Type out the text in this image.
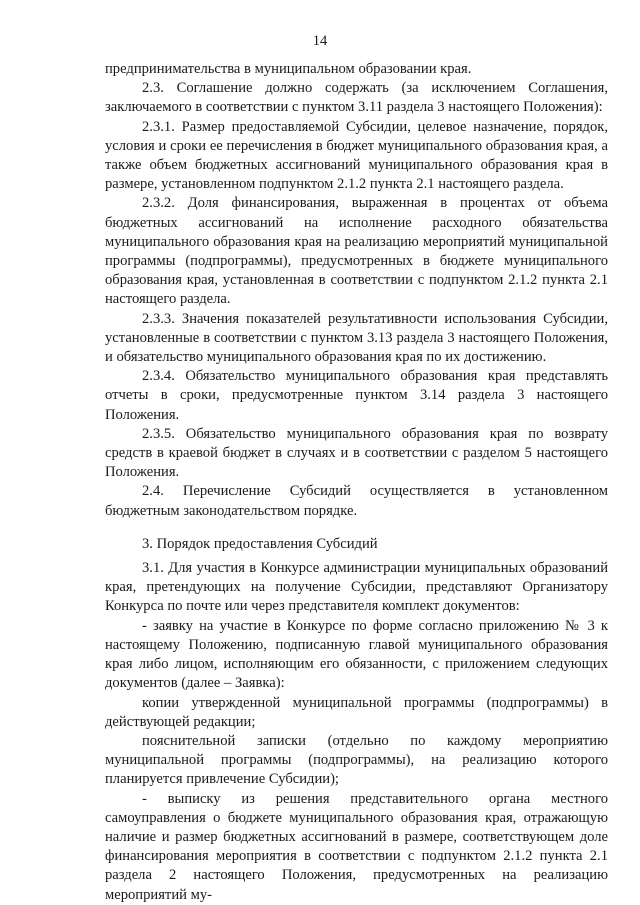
14

предпринимательства в муниципальном образовании края.

2.3. Соглашение должно содержать (за исключением Соглашения, заключаемого в соответствии с пунктом 3.11 раздела 3 настоящего Положения):

2.3.1. Размер предоставляемой Субсидии, целевое назначение, порядок, условия и сроки ее перечисления в бюджет муниципального образования края, а также объем бюджетных ассигнований муниципального образования края в размере, установленном подпунктом 2.1.2 пункта 2.1 настоящего раздела.

2.3.2. Доля финансирования, выраженная в процентах от объема бюджетных ассигнований на исполнение расходного обязательства муниципального образования края на реализацию мероприятий муниципальной программы (подпрограммы), предусмотренных в бюджете муниципального образования края, установленная в соответствии с подпунктом 2.1.2 пункта 2.1 настоящего раздела.

2.3.3. Значения показателей результативности использования Субсидии, установленные в соответствии с пунктом 3.13 раздела 3 настоящего Положения, и обязательство муниципального образования края по их достижению.

2.3.4. Обязательство муниципального образования края представлять отчеты в сроки, предусмотренные пунктом 3.14 раздела 3 настоящего Положения.

2.3.5. Обязательство муниципального образования края по возврату средств в краевой бюджет в случаях и в соответствии с разделом 5 настоящего Положения.

2.4. Перечисление Субсидий осуществляется в установленном бюджетным законодательством порядке.

3. Порядок предоставления Субсидий

3.1. Для участия в Конкурсе администрации муниципальных образований края, претендующих на получение Субсидии, представляют Организатору Конкурса по почте или через представителя комплект документов:

- заявку на участие в Конкурсе по форме согласно приложению № 3 к настоящему Положению, подписанную главой муниципального образования края либо лицом, исполняющим его обязанности, с приложением следующих документов (далее – Заявка):

копии утвержденной муниципальной программы (подпрограммы) в действующей редакции;

пояснительной записки (отдельно по каждому мероприятию муниципальной программы (подпрограммы), на реализацию которого планируется привлечение Субсидии);

- выписку из решения представительного органа местного самоуправления о бюджете муниципального образования края, отражающую наличие и размер бюджетных ассигнований в размере, соответствующем доле финансирования мероприятия в соответствии с подпунктом 2.1.2 пункта 2.1 раздела 2 настоящего Положения, предусмотренных на реализацию мероприятий му-
